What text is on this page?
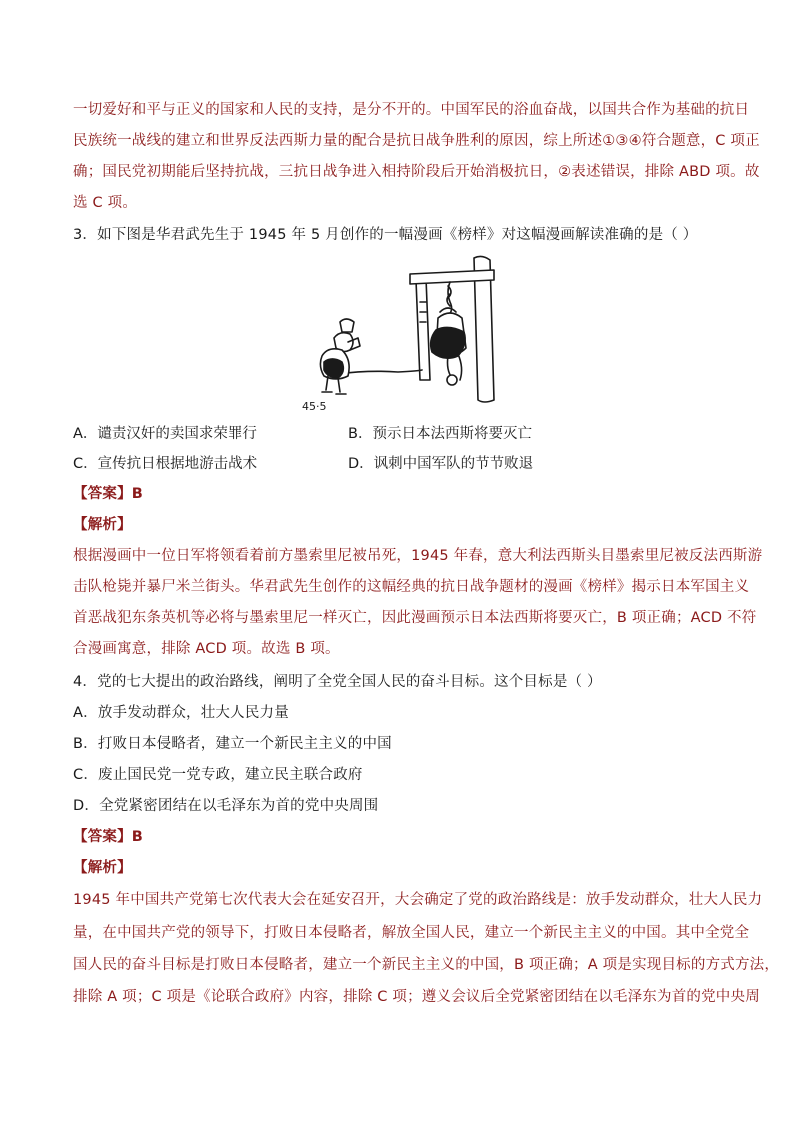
一切爱好和平与正义的国家和人民的支持，是分不开的。中国军民的浴血奋战，以国共合作为基础的抗日
民族统一战线的建立和世界反法西斯力量的配合是抗日战争胜利的原因，综上所述①③④符合题意，C 项正
确；国民党初期能后坚持抗战，三抗日战争进入相持阶段后开始消极抗日，②表述错误，排除 ABD 项。故
选 C 项。
3．如下图是华君武先生于 1945 年 5 月创作的一幅漫画《榜样》对这幅漫画解读准确的是（ ）
45·5
A．谴责汉奸的卖国求荣罪行	B．预示日本法西斯将要灭亡
C．宣传抗日根据地游击战术	D．讽刺中国军队的节节败退
【答案】B
【解析】
根据漫画中一位日军将领看着前方墨索里尼被吊死，1945 年春，意大利法西斯头目墨索里尼被反法西斯游
击队枪毙并暴尸米兰街头。华君武先生创作的这幅经典的抗日战争题材的漫画《榜样》揭示日本军国主义
首恶战犯东条英机等必将与墨索里尼一样灭亡，因此漫画预示日本法西斯将要灭亡，B 项正确；ACD 不符
合漫画寓意，排除 ACD 项。故选 B 项。
4．党的七大提出的政治路线，阐明了全党全国人民的奋斗目标。这个目标是（ ）
A．放手发动群众，壮大人民力量
B．打败日本侵略者，建立一个新民主主义的中国
C．废止国民党一党专政，建立民主联合政府
D．全党紧密团结在以毛泽东为首的党中央周围
【答案】B
【解析】
1945 年中国共产党第七次代表大会在延安召开，大会确定了党的政治路线是：放手发动群众，壮大人民力
量，在中国共产党的领导下，打败日本侵略者，解放全国人民，建立一个新民主主义的中国。其中全党全
国人民的奋斗目标是打败日本侵略者，建立一个新民主主义的中国，B 项正确；A 项是实现目标的方式方法，
排除 A 项；C 项是《论联合政府》内容，排除 C 项；遵义会议后全党紧密团结在以毛泽东为首的党中央周
